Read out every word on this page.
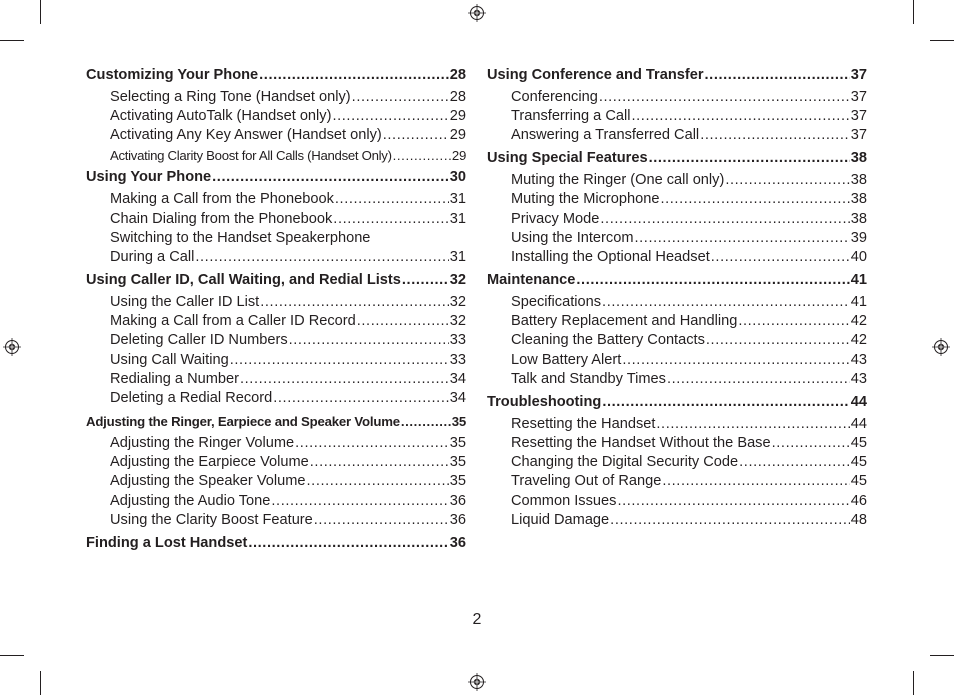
Customizing Your Phone .....	28
Selecting a Ring Tone (Handset only) .....	28
Activating AutoTalk (Handset only) .....	29
Activating Any Key Answer (Handset only) .....	29
Activating Clarity Boost for All Calls (Handset Only) .....	29
Using Your Phone .....	30
Making a Call from the Phonebook .....	31
Chain Dialing from the Phonebook .....	31
Switching to the Handset Speakerphone
During a Call .....	31
Using Caller ID, Call Waiting, and Redial Lists .....	32
Using the Caller ID List .....	32
Making a Call from a Caller ID Record .....	32
Deleting Caller ID Numbers .....	33
Using Call Waiting .....	33
Redialing a Number .....	34
Deleting a Redial Record .....	34
Adjusting the Ringer, Earpiece and Speaker Volume .....	35
Adjusting the Ringer Volume .....	35
Adjusting the Earpiece Volume .....	35
Adjusting the Speaker Volume .....	35
Adjusting the Audio Tone .....	36
Using the Clarity Boost Feature .....	36
Finding a Lost Handset .....	36
Using Conference and Transfer .....	37
Conferencing .....	37
Transferring a Call .....	37
Answering a Transferred Call .....	37
Using Special Features .....	38
Muting the Ringer (One call only) .....	38
Muting the Microphone .....	38
Privacy Mode .....	38
Using the Intercom .....	39
Installing the Optional Headset .....	40
Maintenance .....	41
Specifications .....	41
Battery Replacement and Handling .....	42
Cleaning the Battery Contacts .....	42
Low Battery Alert .....	43
Talk and Standby Times .....	43
Troubleshooting .....	44
Resetting the Handset .....	44
Resetting the Handset Without the Base .....	45
Changing the Digital Security Code .....	45
Traveling Out of Range .....	45
Common Issues .....	46
Liquid Damage .....	48
2
